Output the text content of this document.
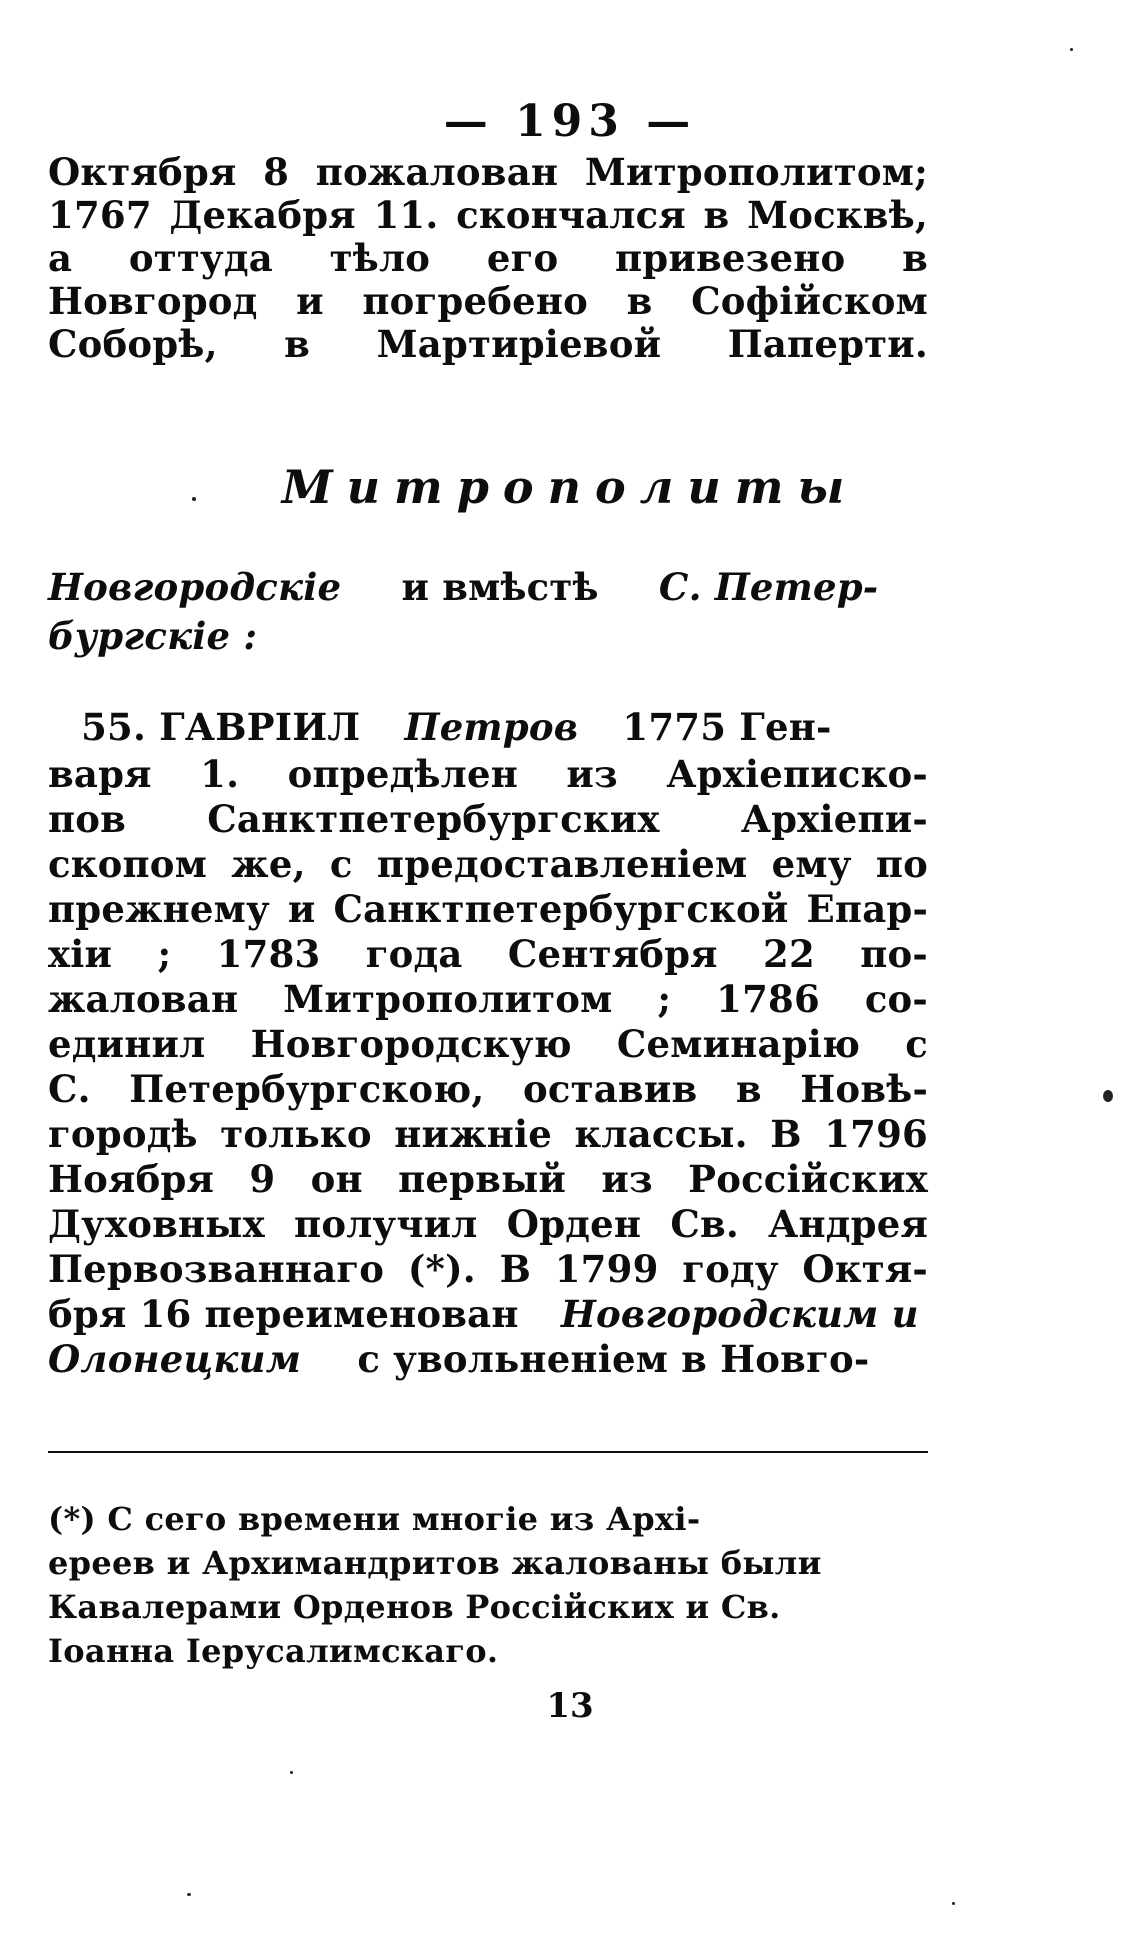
— 193 —
Октября 8 пожалован Митрополитом;
1767 Декабря 11. скончался в Москвѣ,
а оттуда тѣло его привезено в
Новгород и погребено в Софійском
Соборѣ, в Мартиріевой Паперти.
Митрополиты
Новгородскіе и вмѣстѣ С. Петер-
бургскіе :
55. ГАВРІИЛ Петров 1775 Ген-
варя 1. опредѣлен из Архіеписко-
пов Санктпетербургских Архіепи-
скопом же, с предоставленіем ему по
прежнему и Санктпетербургской Епар-
хіи ; 1783 года Сентября 22 по-
жалован Митрополитом ; 1786 со-
единил Новгородскую Семинарію с
С. Петербургскою, оставив в Новѣ-
городѣ только нижніе классы. В 1796
Ноября 9 он первый из Россійских
Духовных получил Орден Св. Андрея
Первозваннаго (*). В 1799 году Октя-
бря 16 переименован Новгородским и
Олонецким с увольненіем в Новго-
(*) С сего времени многіе из Архі-
ереев и Архимандритов жалованы были
Кавалерами Орденов Россійских и Св.
Іоанна Іерусалимскаго.
13
